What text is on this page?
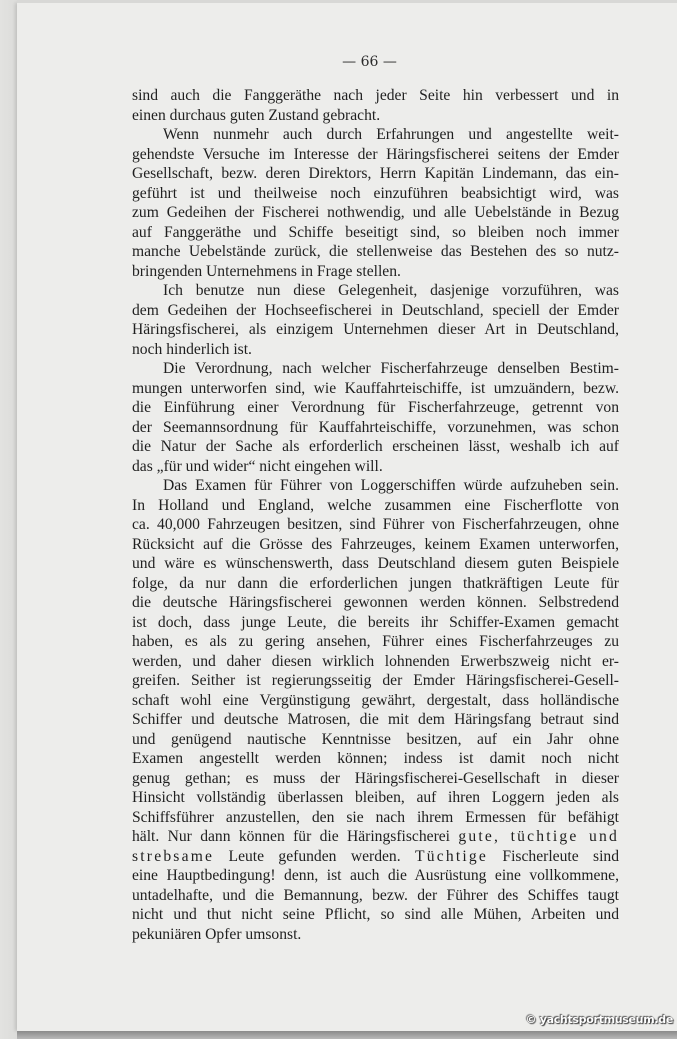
— 66 —
sind auch die Fanggeräthe nach jeder Seite hin verbessert und in
einen durchaus guten Zustand gebracht.
Wenn nunmehr auch durch Erfahrungen und angestellte weit-
gehendste Versuche im Interesse der Häringsfischerei seitens der Emder
Gesellschaft, bezw. deren Direktors, Herrn Kapitän Lindemann, das ein-
geführt ist und theilweise noch einzuführen beabsichtigt wird, was
zum Gedeihen der Fischerei nothwendig, und alle Uebelstände in Bezug
auf Fanggeräthe und Schiffe beseitigt sind, so bleiben noch immer
manche Uebelstände zurück, die stellenweise das Bestehen des so nutz-
bringenden Unternehmens in Frage stellen.
Ich benutze nun diese Gelegenheit, dasjenige vorzuführen, was
dem Gedeihen der Hochseefischerei in Deutschland, speciell der Emder
Häringsfischerei, als einzigem Unternehmen dieser Art in Deutschland,
noch hinderlich ist.
Die Verordnung, nach welcher Fischerfahrzeuge denselben Bestim-
mungen unterworfen sind, wie Kauffahrteischiffe, ist umzuändern, bezw.
die Einführung einer Verordnung für Fischerfahrzeuge, getrennt von
der Seemannsordnung für Kauffahrteischiffe, vorzunehmen, was schon
die Natur der Sache als erforderlich erscheinen lässt, weshalb ich auf
das „für und wider“ nicht eingehen will.
Das Examen für Führer von Loggerschiffen würde aufzuheben sein.
In Holland und England, welche zusammen eine Fischerflotte von
ca. 40,000 Fahrzeugen besitzen, sind Führer von Fischerfahrzeugen, ohne
Rücksicht auf die Grösse des Fahrzeuges, keinem Examen unterworfen,
und wäre es wünschenswerth, dass Deutschland diesem guten Beispiele
folge, da nur dann die erforderlichen jungen thatkräftigen Leute für
die deutsche Häringsfischerei gewonnen werden können. Selbstredend
ist doch, dass junge Leute, die bereits ihr Schiffer-Examen gemacht
haben, es als zu gering ansehen, Führer eines Fischerfahrzeuges zu
werden, und daher diesen wirklich lohnenden Erwerbszweig nicht er-
greifen. Seither ist regierungsseitig der Emder Häringsfischerei-Gesell-
schaft wohl eine Vergünstigung gewährt, dergestalt, dass holländische
Schiffer und deutsche Matrosen, die mit dem Häringsfang betraut sind
und genügend nautische Kenntnisse besitzen, auf ein Jahr ohne
Examen angestellt werden können; indess ist damit noch nicht
genug gethan; es muss der Häringsfischerei-Gesellschaft in dieser
Hinsicht vollständig überlassen bleiben, auf ihren Loggern jeden als
Schiffsführer anzustellen, den sie nach ihrem Ermessen für befähigt
hält. Nur dann können für die Häringsfischerei gute, tüchtige und
strebsame Leute gefunden werden. Tüchtige Fischerleute sind
eine Hauptbedingung! denn, ist auch die Ausrüstung eine vollkommene,
untadelhafte, und die Bemannung, bezw. der Führer des Schiffes taugt
nicht und thut nicht seine Pflicht, so sind alle Mühen, Arbeiten und
pekuniären Opfer umsonst.
© yachtsportmuseum.de
